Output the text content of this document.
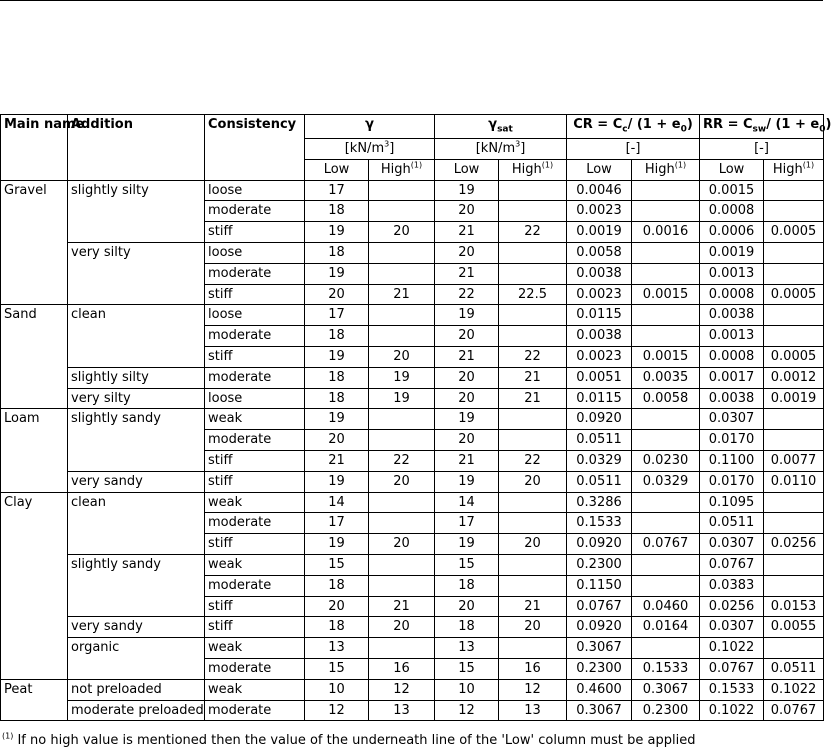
Main name	Addition	Consistency	γ		$\gamma_{sat}$		CR = $C_c/$ $(1 + e_0)$		RR = $C_{sw}/$ $(1 + e_0)$	
			$[kN/m^3]$		$[kN/m^3]$		[-]		[-]	
			Low	High$^{(1)}$	Low	High$^{(1)}$	Low	High$^{(1)}$	Low	High$^{(1)}$
Gravel	slightly silty	loose	17		19		0.0046		0.0015	
		moderate	18		20		0.0023		0.0008	
		stiff	19	20	21	22	0.0019	0.0016	0.0006	0.0005
	very silty	loose	18		20		0.0058		0.0019	
		moderate	19		21		0.0038		0.0013	
		stiff	20	21	22	22.5	0.0023	0.0015	0.0008	0.0005
Sand	clean	loose	17		19		0.0115		0.0038	
		moderate	18		20		0.0038		0.0013	
		stiff	19	20	21	22	0.0023	0.0015	0.0008	0.0005
	slightly silty	moderate	18	19	20	21	0.0051	0.0035	0.0017	0.0012
	very silty	loose	18	19	20	21	0.0115	0.0058	0.0038	0.0019
Loam	slightly sandy	weak	19		19		0.0920		0.0307	
		moderate	20		20		0.0511		0.0170	
		stiff	21	22	21	22	0.0329	0.0230	0.1100	0.0077
	very sandy	stiff	19	20	19	20	0.0511	0.0329	0.0170	0.0110
Clay	clean	weak	14		14		0.3286		0.1095	
		moderate	17		17		0.1533		0.0511	
		stiff	19	20	19	20	0.0920	0.0767	0.0307	0.0256
	slightly sandy	weak	15		15		0.2300		0.0767	
		moderate	18		18		0.1150		0.0383	
		stiff	20	21	20	21	0.0767	0.0460	0.0256	0.0153
	very sandy	stiff	18	20	18	20	0.0920	0.0164	0.0307	0.0055
	organic	weak	13		13		0.3067		0.1022	
		moderate	15	16	15	16	0.2300	0.1533	0.0767	0.0511
Peat	not preloaded	weak	10	12	10	12	0.4600	0.3067	0.1533	0.1022
	moderate preloaded	moderate	12	13	12	13	0.3067	0.2300	0.1022	0.0767
$^{(1)}$ If no high value is mentioned then the value of the underneath line of the 'Low' column must be applied
